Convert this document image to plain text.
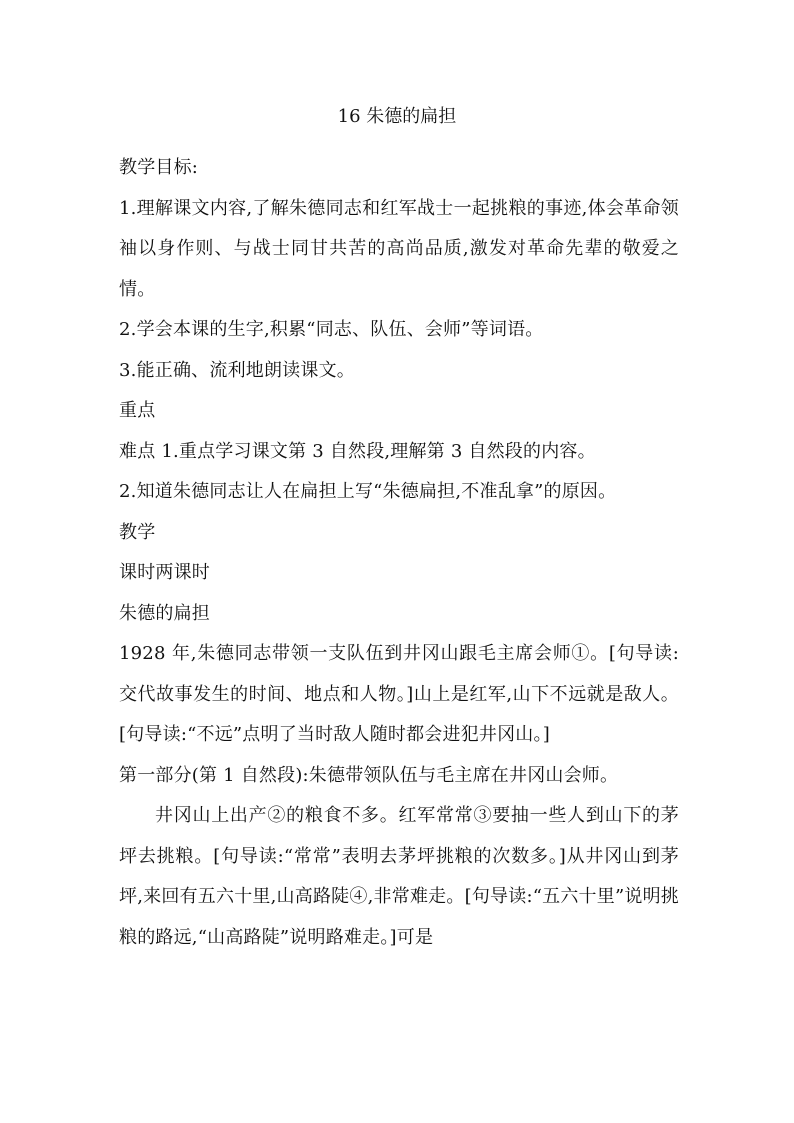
16 朱德的扁担

教学目标:

1.理解课文内容,了解朱德同志和红军战士一起挑粮的事迹,体会革命领袖以身作则、与战士同甘共苦的高尚品质,激发对革命先辈的敬爱之情。

2.学会本课的生字,积累“同志、队伍、会师”等词语。

3.能正确、流利地朗读课文。

重点

难点 1.重点学习课文第 3 自然段,理解第 3 自然段的内容。

2.知道朱德同志让人在扁担上写“朱德扁担,不准乱拿”的原因。

教学

课时两课时

朱德的扁担

1928 年,朱德同志带领一支队伍到井冈山跟毛主席会师①。[句导读:交代故事发生的时间、地点和人物。]山上是红军,山下不远就是敌人。[句导读:“不远”点明了当时敌人随时都会进犯井冈山。]

第一部分(第 1 自然段):朱德带领队伍与毛主席在井冈山会师。

井冈山上出产②的粮食不多。红军常常③要抽一些人到山下的茅坪去挑粮。[句导读:“常常”表明去茅坪挑粮的次数多。]从井冈山到茅坪,来回有五六十里,山高路陡④,非常难走。[句导读:“五六十里”说明挑粮的路远,“山高路陡”说明路难走。]可是
